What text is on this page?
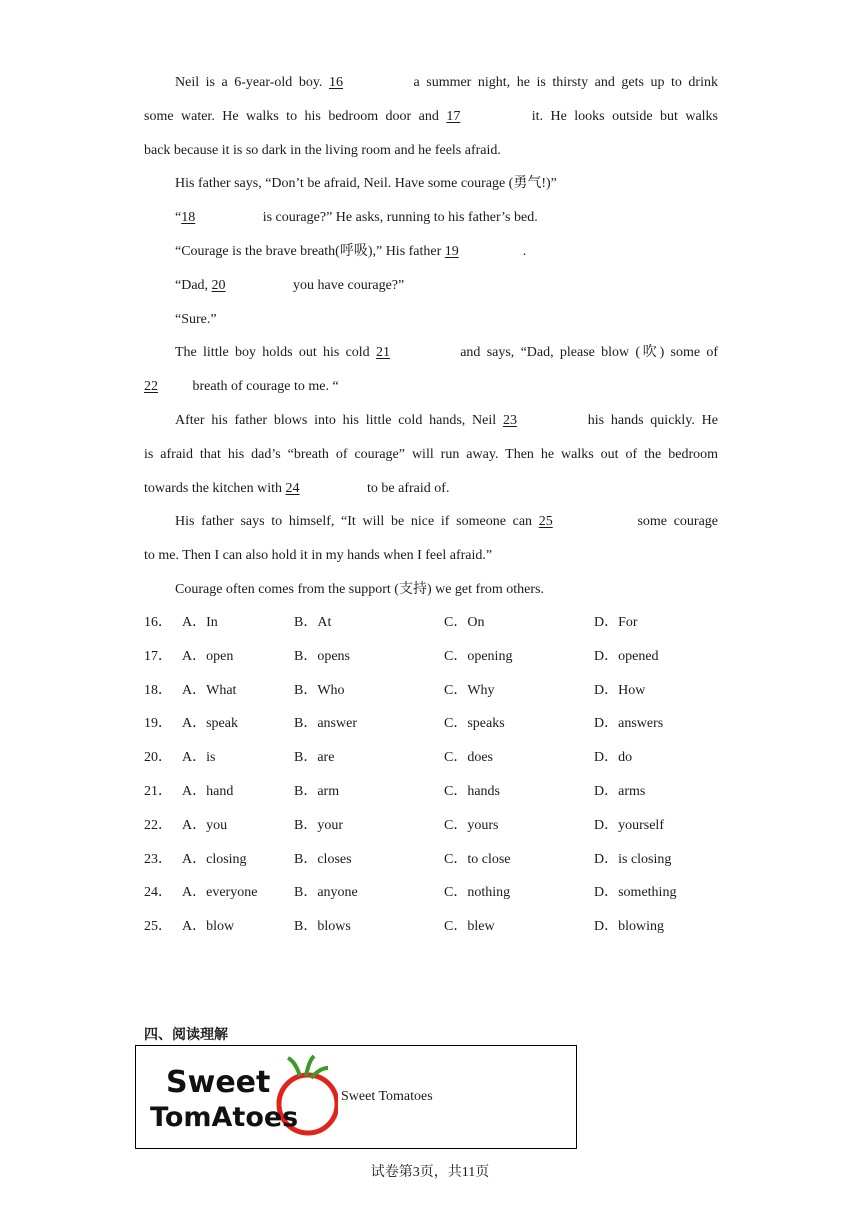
Neil is a 6-year-old boy. 16	a summer night, he is thirsty and gets up to drink
some water. He walks to his bedroom door and 17	it. He looks outside but walks
back because it is so dark in the living room and he feels afraid.
His father says, “Don’t be afraid, Neil. Have some courage (勇气!)”
“18	is courage?” He asks, running to his father’s bed.
“Courage is the brave breath(呼吸),” His father 19	.
“Dad, 20	you have courage?”
“Sure.”
The little boy holds out his cold 21	and says, “Dad, please blow (吹) some of
22 breath of courage to me. “
After his father blows into his little cold hands, Neil 23	his hands quickly. He
is afraid that his dad’s “breath of courage” will run away. Then he walks out of the bedroom
towards the kitchen with 24	to be afraid of.
His father says to himself, “It will be nice if someone can 25	some courage
to me. Then I can also hold it in my hands when I feel afraid.”
Courage often comes from the support (支持) we get from others.
16． A．In	B．At	C．On	D．For
17． A．open	B．opens	C．opening	D．opened
18． A．What	B．Who	C．Why	D．How
19． A．speak	B．answer	C．speaks	D．answers
20． A．is	B．are	C．does	D．do
21． A．hand	B．arm	C．hands	D．arms
22． A．you	B．your	C．yours	D．yourself
23． A．closing	B．closes	C．to close	D．is closing
24． A．everyone	B．anyone	C．nothing	D．something
25． A．blow	B．blows	C．blew	D．blowing
四、阅读理解
Sweet
TomAtoes
Sweet Tomatoes
试卷第3页，共11页
